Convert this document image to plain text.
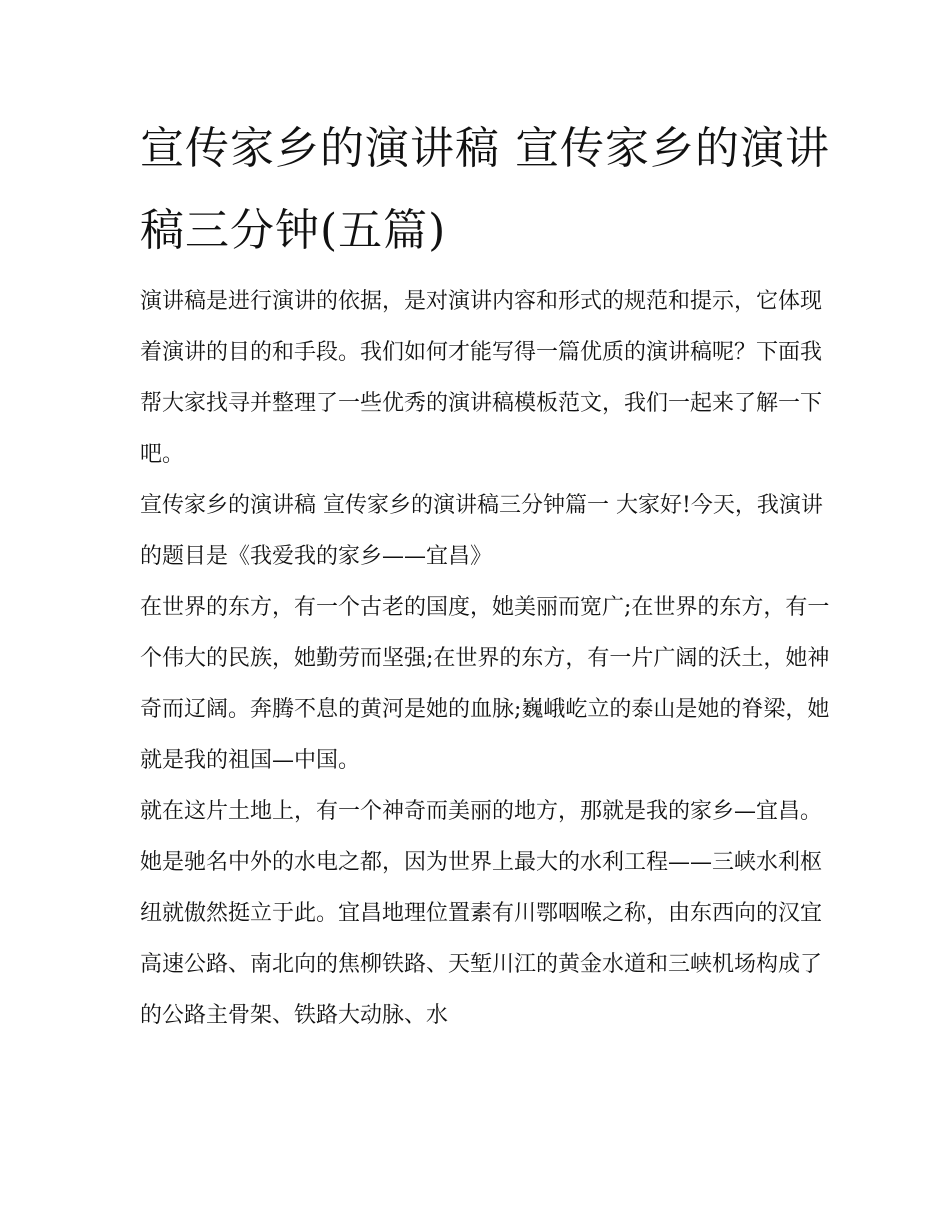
宣传家乡的演讲稿 宣传家乡的演讲稿三分钟(五篇)

演讲稿是进行演讲的依据，是对演讲内容和形式的规范和提示，它体现着演讲的目的和手段。我们如何才能写得一篇优质的演讲稿呢？下面我帮大家找寻并整理了一些优秀的演讲稿模板范文，我们一起来了解一下吧。

宣传家乡的演讲稿 宣传家乡的演讲稿三分钟篇一 大家好!今天，我演讲的题目是《我爱我的家乡——宜昌》

在世界的东方，有一个古老的国度，她美丽而宽广;在世界的东方，有一个伟大的民族，她勤劳而坚强;在世界的东方，有一片广阔的沃土，她神奇而辽阔。奔腾不息的黄河是她的血脉;巍峨屹立的泰山是她的脊梁，她就是我的祖国—中国。

就在这片土地上，有一个神奇而美丽的地方，那就是我的家乡—宜昌。

她是驰名中外的水电之都，因为世界上最大的水利工程——三峡水利枢纽就傲然挺立于此。宜昌地理位置素有川鄂咽喉之称，由东西向的汉宜高速公路、南北向的焦柳铁路、天堑川江的黄金水道和三峡机场构成了的公路主骨架、铁路大动脉、水
